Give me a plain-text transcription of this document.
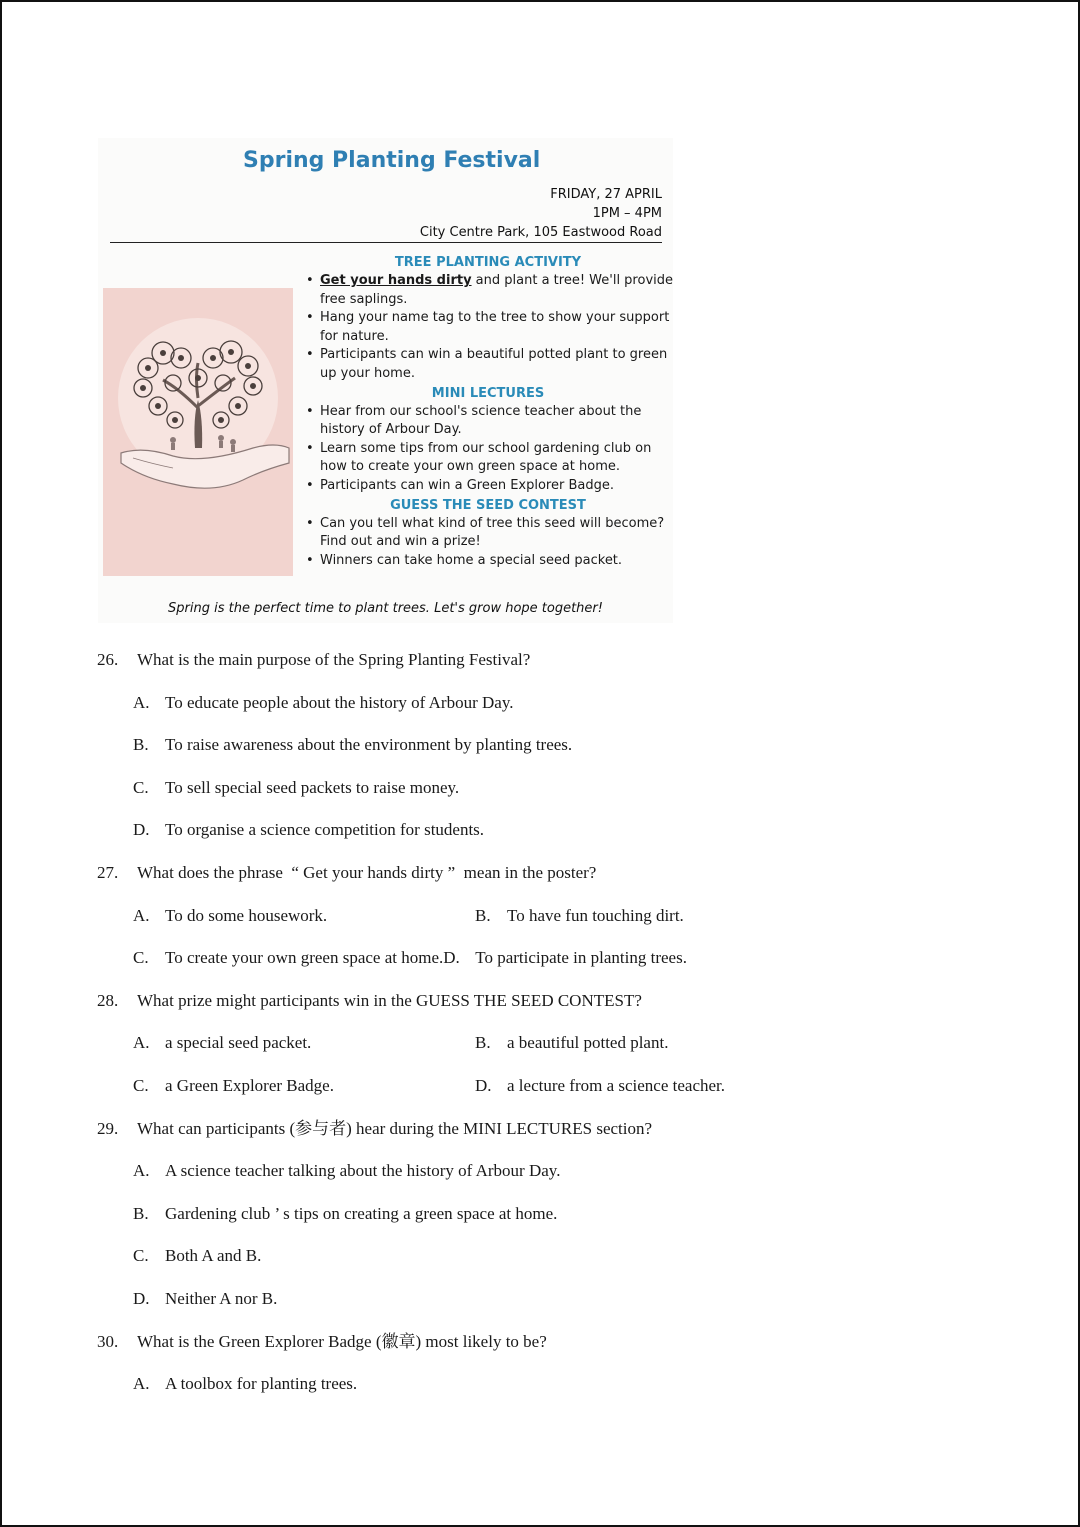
Spring Planting Festival
FRIDAY, 27 APRIL
1PM – 4PM
City Centre Park, 105 Eastwood Road
TREE PLANTING ACTIVITY
• Get your hands dirty and plant a tree! We'll provide free saplings.
• Hang your name tag to the tree to show your support for nature.
• Participants can win a beautiful potted plant to green up your home.
MINI LECTURES
• Hear from our school's science teacher about the history of Arbour Day.
• Learn some tips from our school gardening club on how to create your own green space at home.
• Participants can win a Green Explorer Badge.
GUESS THE SEED CONTEST
• Can you tell what kind of tree this seed will become? Find out and win a prize!
• Winners can take home a special seed packet.
Spring is the perfect time to plant trees. Let's grow hope together!
26. What is the main purpose of the Spring Planting Festival?
A. To educate people about the history of Arbour Day.
B. To raise awareness about the environment by planting trees.
C. To sell special seed packets to raise money.
D. To organise a science competition for students.
27. What does the phrase  “ Get your hands dirty ”  mean in the poster?
A. To do some housework.	B. To have fun touching dirt.
C. To create your own green space at home.D. To participate in planting trees.
28. What prize might participants win in the GUESS THE SEED CONTEST?
A. a special seed packet.	B. a beautiful potted plant.
C. a Green Explorer Badge.	D. a lecture from a science teacher.
29. What can participants (参与者) hear during the MINI LECTURES section?
A. A science teacher talking about the history of Arbour Day.
B. Gardening club ’ s tips on creating a green space at home.
C. Both A and B.
D. Neither A nor B.
30. What is the Green Explorer Badge (徽章) most likely to be?
A. A toolbox for planting trees.
